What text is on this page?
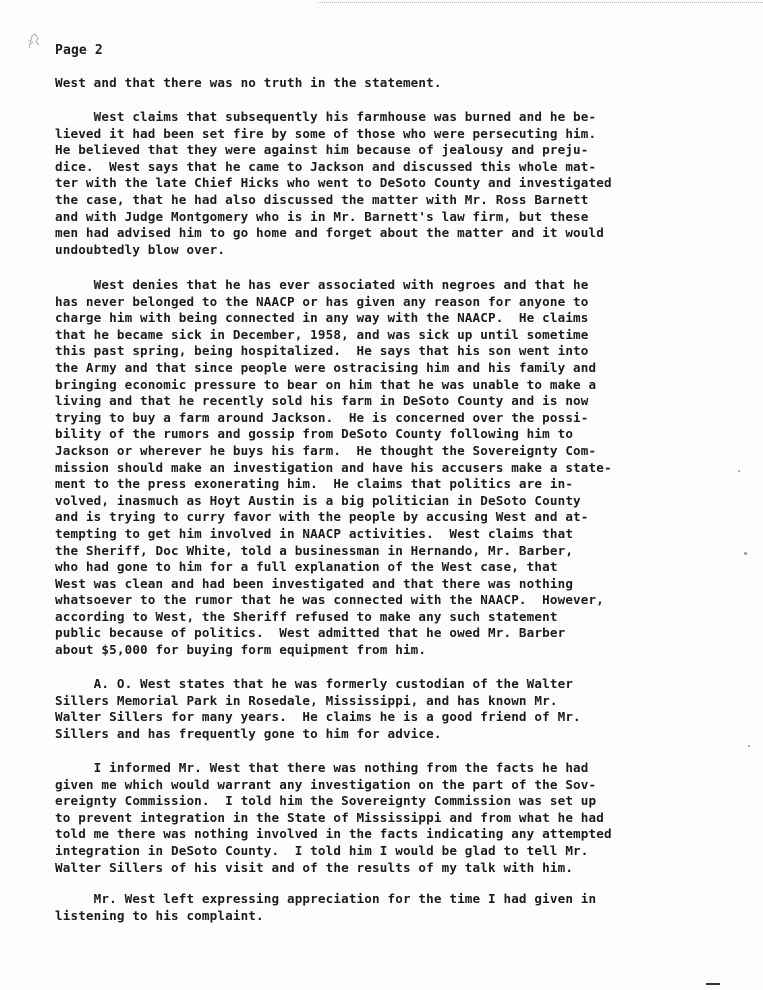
Page 2
West and that there was no truth in the statement.
West claims that subsequently his farmhouse was burned and he be-
lieved it had been set fire by some of those who were persecuting him.
He believed that they were against him because of jealousy and preju-
dice.  West says that he came to Jackson and discussed this whole mat-
ter with the late Chief Hicks who went to DeSoto County and investigated
the case, that he had also discussed the matter with Mr. Ross Barnett
and with Judge Montgomery who is in Mr. Barnett's law firm, but these
men had advised him to go home and forget about the matter and it would
undoubtedly blow over.
West denies that he has ever associated with negroes and that he
has never belonged to the NAACP or has given any reason for anyone to
charge him with being connected in any way with the NAACP.  He claims
that he became sick in December, 1958, and was sick up until sometime
this past spring, being hospitalized.  He says that his son went into
the Army and that since people were ostracising him and his family and
bringing economic pressure to bear on him that he was unable to make a
living and that he recently sold his farm in DeSoto County and is now
trying to buy a farm around Jackson.  He is concerned over the possi-
bility of the rumors and gossip from DeSoto County following him to
Jackson or wherever he buys his farm.  He thought the Sovereignty Com-
mission should make an investigation and have his accusers make a state-
ment to the press exonerating him.  He claims that politics are in-
volved, inasmuch as Hoyt Austin is a big politician in DeSoto County
and is trying to curry favor with the people by accusing West and at-
tempting to get him involved in NAACP activities.  West claims that
the Sheriff, Doc White, told a businessman in Hernando, Mr. Barber,
who had gone to him for a full explanation of the West case, that
West was clean and had been investigated and that there was nothing
whatsoever to the rumor that he was connected with the NAACP.  However,
according to West, the Sheriff refused to make any such statement
public because of politics.  West admitted that he owed Mr. Barber
about $5,000 for buying form equipment from him.
A. O. West states that he was formerly custodian of the Walter
Sillers Memorial Park in Rosedale, Mississippi, and has known Mr.
Walter Sillers for many years.  He claims he is a good friend of Mr.
Sillers and has frequently gone to him for advice.
I informed Mr. West that there was nothing from the facts he had
given me which would warrant any investigation on the part of the Sov-
ereignty Commission.  I told him the Sovereignty Commission was set up
to prevent integration in the State of Mississippi and from what he had
told me there was nothing involved in the facts indicating any attempted
integration in DeSoto County.  I told him I would be glad to tell Mr.
Walter Sillers of his visit and of the results of my talk with him.
Mr. West left expressing appreciation for the time I had given in
listening to his complaint.
